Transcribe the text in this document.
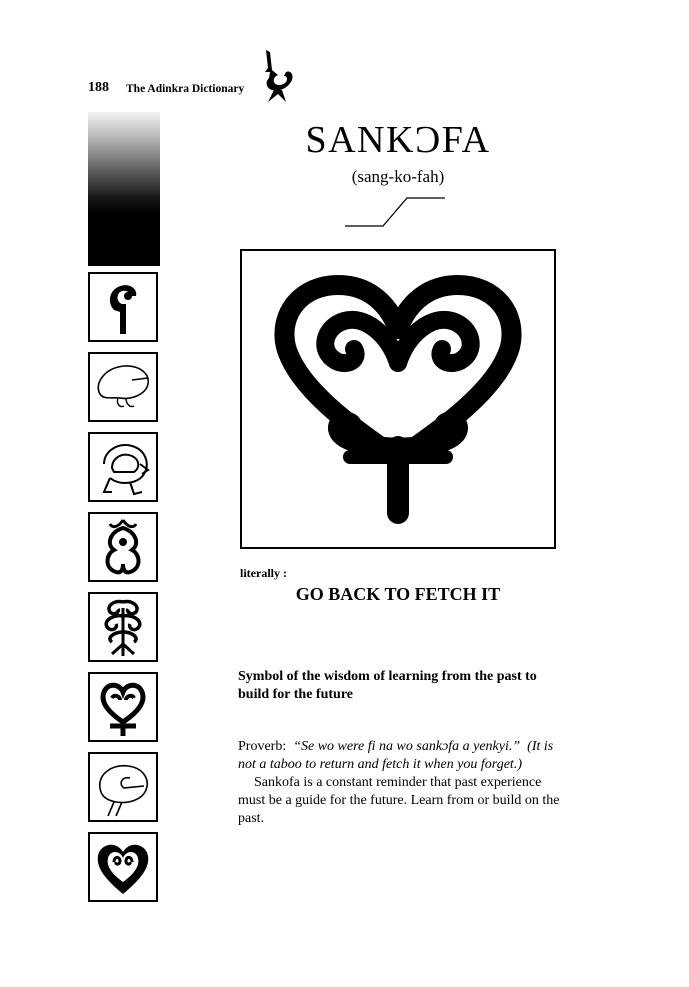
188 The Adinkra Dictionary
SANKƆFA
(sang-ko-fah)
literally :
GO BACK TO FETCH IT
Symbol of the wisdom of learning from the past to build for the future

Proverb: “Se wo were fi na wo sankɔfa a yenkyi.” (It is not a taboo to return and fetch it when you forget.)

Sankofa is a constant reminder that past experience must be a guide for the future. Learn from or build on the past.
